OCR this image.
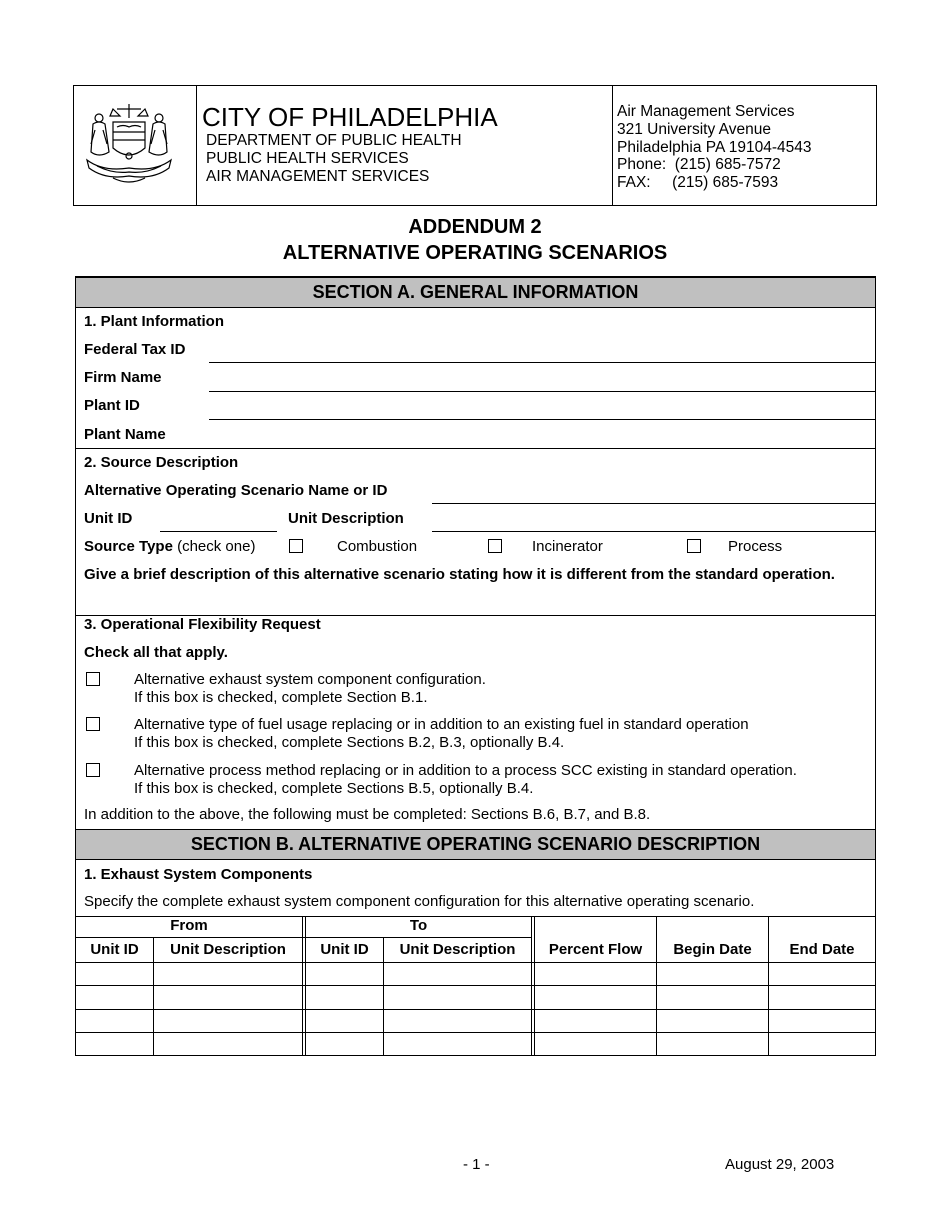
CITY OF PHILADELPHIA
DEPARTMENT OF PUBLIC HEALTH
PUBLIC HEALTH SERVICES
AIR MANAGEMENT SERVICES
Air Management Services
321 University Avenue
Philadelphia PA 19104-4543
Phone:  (215) 685-7572
FAX:     (215) 685-7593
ADDENDUM 2
ALTERNATIVE OPERATING SCENARIOS
SECTION A. GENERAL INFORMATION
1. Plant Information
Federal Tax ID
Firm Name
Plant ID
Plant Name
2. Source Description
Alternative Operating Scenario Name or ID
Unit ID	Unit Description
Source Type (check one)	Combustion	Incinerator	Process
Give a brief description of this alternative scenario stating how it is different from the standard operation.
3. Operational Flexibility Request
Check all that apply.
Alternative exhaust system component configuration.
If this box is checked, complete Section B.1.
Alternative type of fuel usage replacing or in addition to an existing fuel in standard operation
If this box is checked, complete Sections B.2, B.3, optionally B.4.
Alternative process method replacing or in addition to a process SCC existing in standard operation.
If this box is checked, complete Sections B.5, optionally B.4.
In addition to the above, the following must be completed: Sections B.6, B.7, and B.8.
SECTION B. ALTERNATIVE OPERATING SCENARIO DESCRIPTION
1. Exhaust System Components
Specify the complete exhaust system component configuration for this alternative operating scenario.
From	To
Unit ID	Unit Description	Unit ID	Unit Description	Percent Flow	Begin Date	End Date
- 1 -	August 29, 2003
